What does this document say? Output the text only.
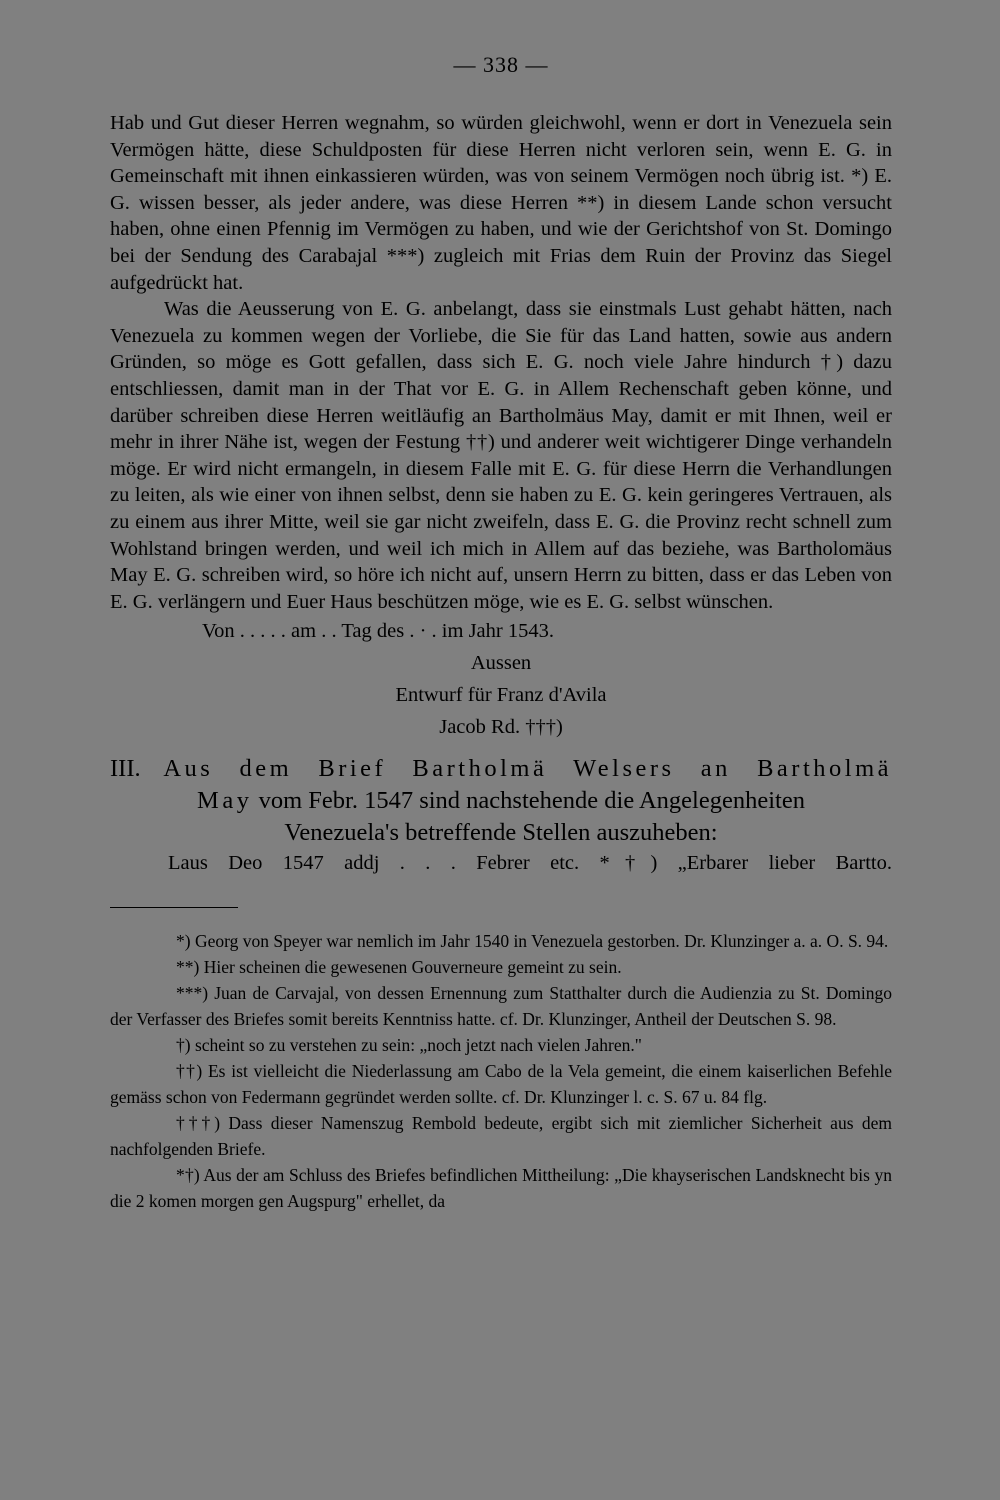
— 338 —

Hab und Gut dieser Herren wegnahm, so würden gleichwohl, wenn er dort in Venezuela sein Vermögen hätte, diese Schuldposten für diese Herren nicht verloren sein, wenn E. G. in Gemeinschaft mit ihnen einkassieren würden, was von seinem Vermögen noch übrig ist. *) E. G. wissen besser, als jeder andere, was diese Herren **) in diesem Lande schon versucht haben, ohne einen Pfennig im Vermögen zu haben, und wie der Gerichtshof von St. Domingo bei der Sendung des Carabajal ***) zugleich mit Frias dem Ruin der Provinz das Siegel aufgedrückt hat.

Was die Aeusserung von E. G. anbelangt, dass sie einstmals Lust gehabt hätten, nach Venezuela zu kommen wegen der Vorliebe, die Sie für das Land hatten, sowie aus andern Gründen, so möge es Gott gefallen, dass sich E. G. noch viele Jahre hindurch †) dazu entschliessen, damit man in der That vor E. G. in Allem Rechenschaft geben könne, und darüber schreiben diese Herren weitläufig an Bartholmäus May, damit er mit Ihnen, weil er mehr in ihrer Nähe ist, wegen der Festung ††) und anderer weit wichtigerer Dinge verhandeln möge. Er wird nicht ermangeln, in diesem Falle mit E. G. für diese Herrn die Verhandlungen zu leiten, als wie einer von ihnen selbst, denn sie haben zu E. G. kein geringeres Vertrauen, als zu einem aus ihrer Mitte, weil sie gar nicht zweifeln, dass E. G. die Provinz recht schnell zum Wohlstand bringen werden, und weil ich mich in Allem auf das beziehe, was Bartholomäus May E. G. schreiben wird, so höre ich nicht auf, unsern Herrn zu bitten, dass er das Leben von E. G. verlängern und Euer Haus beschützen möge, wie es E. G. selbst wünschen.

Von . . . . . am . . Tag des . · . im Jahr 1543.
Aussen
Entwurf für Franz d'Avila
Jacob Rd. †††)
III. Aus dem Brief Bartholmä Welsers an Bartholmä
May vom Febr. 1547 sind nachstehende die Angelegenheiten
Venezuela's betreffende Stellen auszuheben:
Laus Deo 1547 addj . . . Febrer etc. *†) „Erbarer lieber Bartto.

*) Georg von Speyer war nemlich im Jahr 1540 in Venezuela gestorben. Dr. Klunzinger a. a. O. S. 94.

**) Hier scheinen die gewesenen Gouverneure gemeint zu sein.

***) Juan de Carvajal, von dessen Ernennung zum Statthalter durch die Audienzia zu St. Domingo der Verfasser des Briefes somit bereits Kenntniss hatte. cf. Dr. Klunzinger, Antheil der Deutschen S. 98.

†) scheint so zu verstehen zu sein: „noch jetzt nach vielen Jahren."

††) Es ist vielleicht die Niederlassung am Cabo de la Vela gemeint, die einem kaiserlichen Befehle gemäss schon von Federmann gegründet werden sollte. cf. Dr. Klunzinger l. c. S. 67 u. 84 flg.

†††) Dass dieser Namenszug Rembold bedeute, ergibt sich mit ziemlicher Sicherheit aus dem nachfolgenden Briefe.

*†) Aus der am Schluss des Briefes befindlichen Mittheilung: „Die khayserischen Landsknecht bis yn die 2 komen morgen gen Augspurg" erhellet, da
